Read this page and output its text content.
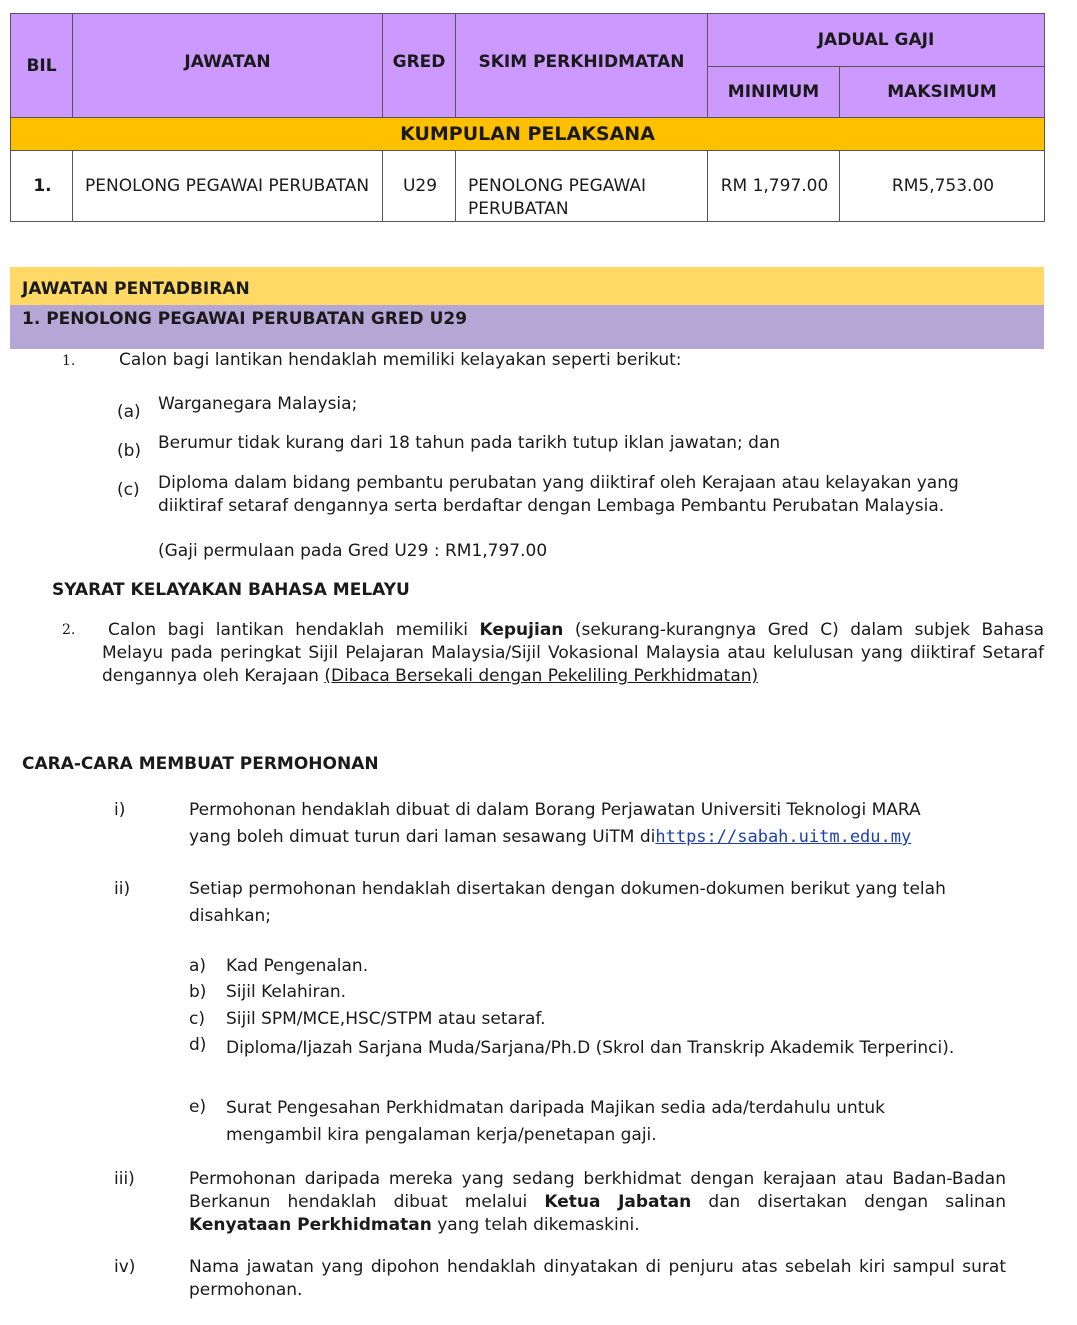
BIL	JAWATAN	GRED	SKIM PERKHIDMATAN	JADUAL GAJI	
				MINIMUM	MAKSIMUM
KUMPULAN PELAKSANA					
1.	PENOLONG PEGAWAI PERUBATAN	U29	PENOLONG PEGAWAI PERUBATAN	RM 1,797.00	RM5,753.00
JAWATAN PENTADBIRAN
1. PENOLONG PEGAWAI PERUBATAN GRED U29
1.	Calon bagi lantikan hendaklah memiliki kelayakan seperti berikut:
(a) Warganegara Malaysia;
(b) Berumur tidak kurang dari 18 tahun pada tarikh tutup iklan jawatan; dan
(c) Diploma dalam bidang pembantu perubatan yang diiktiraf oleh Kerajaan atau kelayakan yang diiktiraf setaraf dengannya serta berdaftar dengan Lembaga Pembantu Perubatan Malaysia.
(Gaji permulaan pada Gred U29 : RM1,797.00
SYARAT KELAYAKAN BAHASA MELAYU
2.	Calon bagi lantikan hendaklah memiliki Kepujian (sekurang-kurangnya Gred C) dalam subjek Bahasa Melayu pada peringkat Sijil Pelajaran Malaysia/Sijil Vokasional Malaysia atau kelulusan yang diiktiraf Setaraf dengannya oleh Kerajaan (Dibaca Bersekali dengan Pekeliling Perkhidmatan)
CARA-CARA MEMBUAT PERMOHONAN
i)	Permohonan hendaklah dibuat di dalam Borang Perjawatan Universiti Teknologi MARA
yang boleh dimuat turun dari laman sesawang UiTM dihttps://sabah.uitm.edu.my
ii)	Setiap permohonan hendaklah disertakan dengan dokumen-dokumen berikut yang telah disahkan;
a) Kad Pengenalan.
b) Sijil Kelahiran.
c) Sijil SPM/MCE,HSC/STPM atau setaraf.
d) Diploma/Ijazah Sarjana Muda/Sarjana/Ph.D (Skrol dan Transkrip Akademik Terperinci).
e) Surat Pengesahan Perkhidmatan daripada Majikan sedia ada/terdahulu untuk mengambil kira pengalaman kerja/penetapan gaji.
iii)	Permohonan daripada mereka yang sedang berkhidmat dengan kerajaan atau Badan-Badan Berkanun hendaklah dibuat melalui Ketua Jabatan dan disertakan dengan salinan Kenyataan Perkhidmatan yang telah dikemaskini.
iv)	Nama jawatan yang dipohon hendaklah dinyatakan di penjuru atas sebelah kiri sampul surat permohonan.
